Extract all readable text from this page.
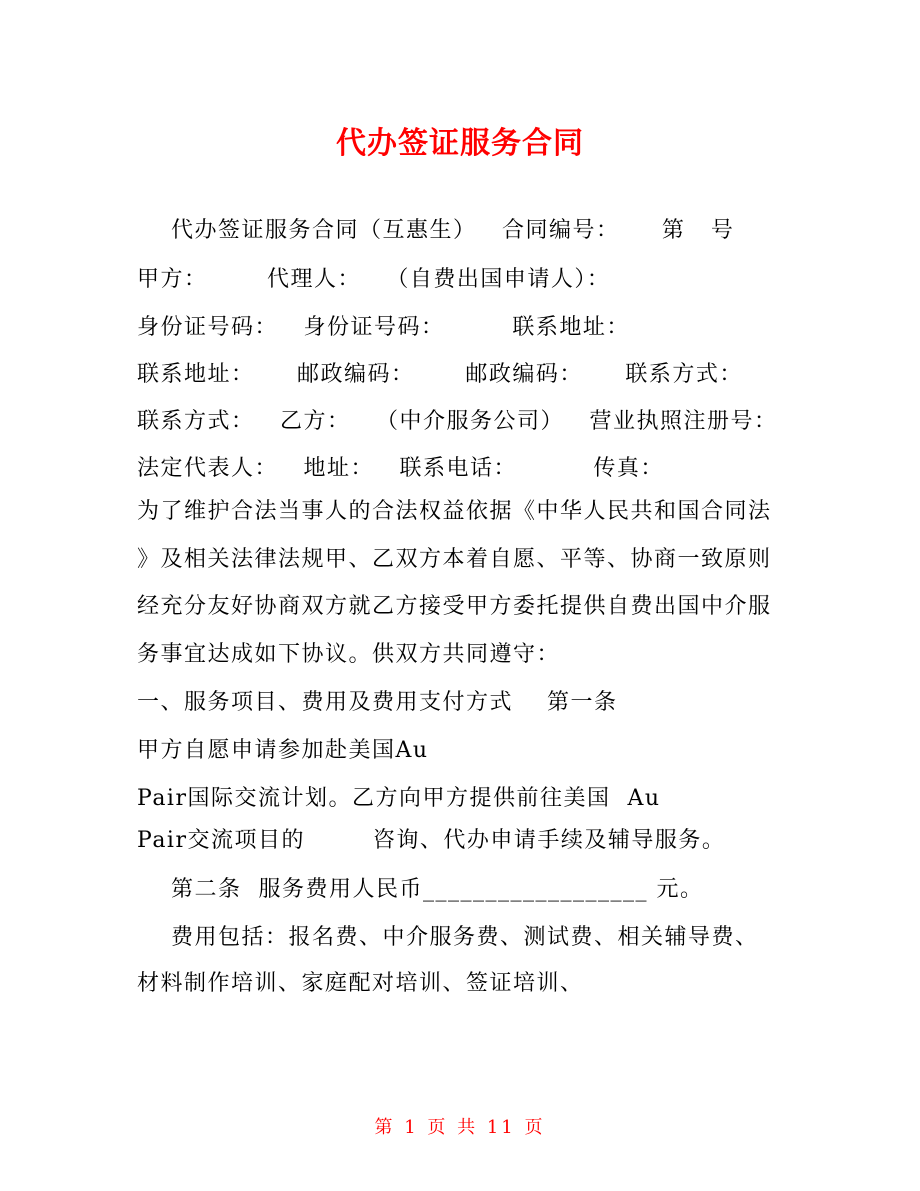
代办签证服务合同
代办签证服务合同（互惠生）   合同编号：     第   号
甲方：       代理人：   （自费出国申请人）：
身份证号码：   身份证号码：        联系地址：
联系地址：     邮政编码：      邮政编码：     联系方式：
联系方式：   乙方：   （中介服务公司）   营业执照注册号：
法定代表人：   地址：   联系电话：         传真：
为了维护合法当事人的合法权益依据《中华人民共和国合同法
》及相关法律法规甲、乙双方本着自愿、平等、协商一致原则
经充分友好协商双方就乙方接受甲方委托提供自费出国中介服
务事宜达成如下协议。供双方共同遵守：
一、服务项目、费用及费用支付方式    第一条
甲方自愿申请参加赴美国Au
Pair国际交流计划。乙方向甲方提供前往美国  Au
Pair交流项目的        咨询、代办申请手续及辅导服务。
第二条  服务费用人民币__________________ 元。
费用包括：报名费、中介服务费、测试费、相关辅导费、
材料制作培训、家庭配对培训、签证培训、
第 1 页 共 11 页
